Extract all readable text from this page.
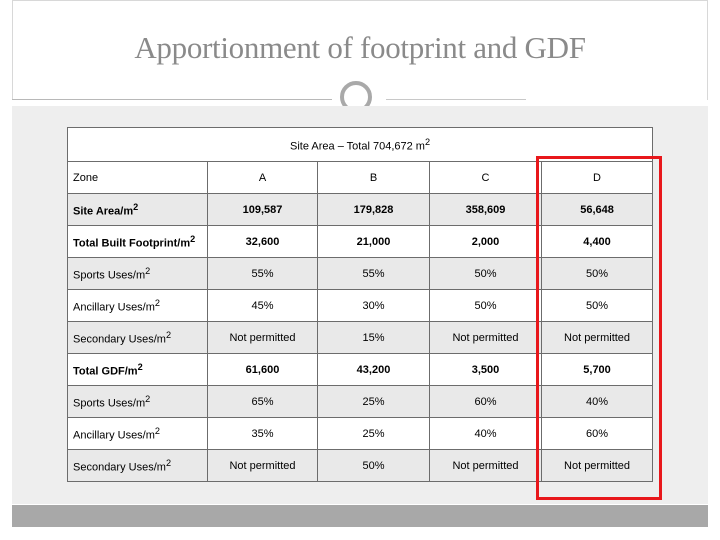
Apportionment of footprint and GDF
Site Area – Total 704,672 $m^2$
Zone	A	B	C	D
Site Area/$m^2$	109,587	179,828	358,609	56,648
Total Built Footprint/$m^2$	32,600	21,000	2,000	4,400
Sports Uses/$m^2$	55%	55%	50%	50%
Ancillary Uses/$m^2$	45%	30%	50%	50%
Secondary Uses/$m^2$	Not permitted	15%	Not permitted	Not permitted
Total GDF/$m^2$	61,600	43,200	3,500	5,700
Sports Uses/$m^2$	65%	25%	60%	40%
Ancillary Uses/$m^2$	35%	25%	40%	60%
Secondary Uses/$m^2$	Not permitted	50%	Not permitted	Not permitted
